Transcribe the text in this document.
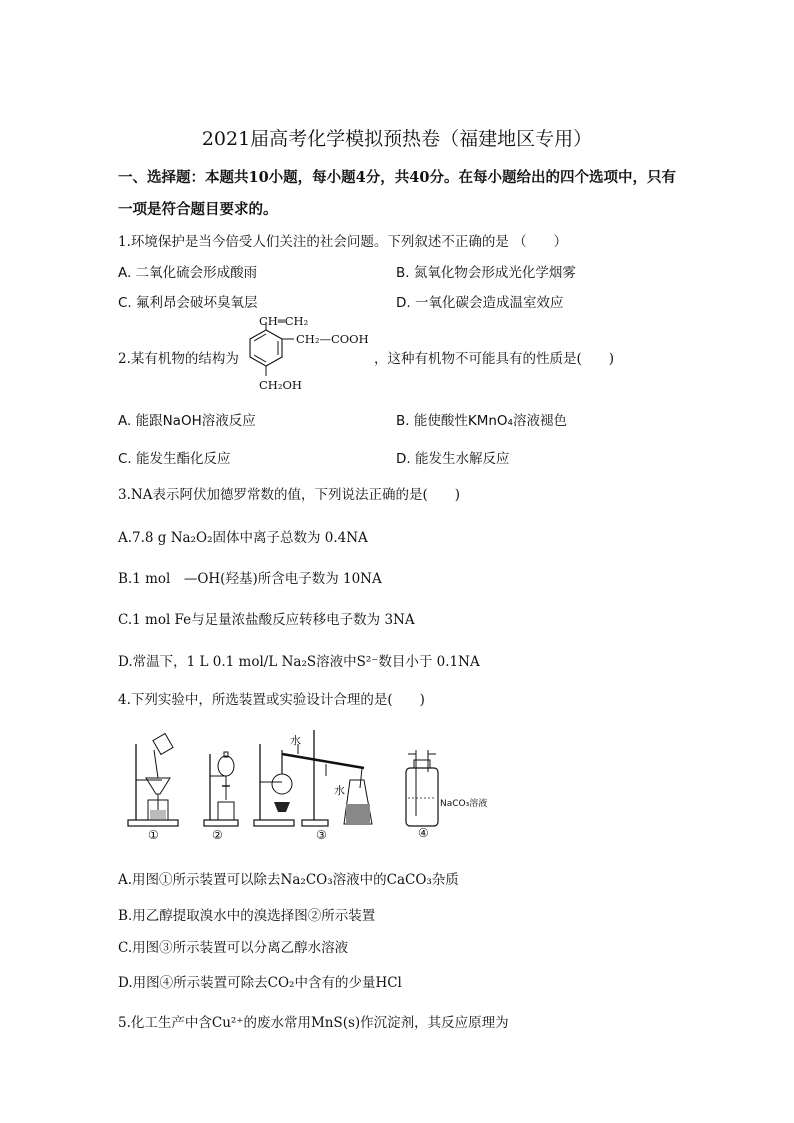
2021届高考化学模拟预热卷（福建地区专用）
一、选择题：本题共10小题，每小题4分，共40分。在每小题给出的四个选项中，只有
一项是符合题目要求的。
1.环境保护是当今倍受人们关注的社会问题。下列叙述不正确的是 （　　）
A. 二氧化硫会形成酸雨	B. 氮氧化物会形成光化学烟雾
C. 氟利昂会破坏臭氧层	D. 一氧化碳会造成温室效应
2.某有机物的结构为
CH═CH₂
CH₂—COOH
CH₂OH
，这种有机物不可能具有的性质是(　　)
A. 能跟NaOH溶液反应	B. 能使酸性KMnO₄溶液褪色
C. 能发生酯化反应	D. 能发生水解反应
3.NA表示阿伏加德罗常数的值，下列说法正确的是(　　)
A.7.8 g Na₂O₂固体中离子总数为 0.4NA
B.1 mol　—OH(羟基)所含电子数为 10NA
C.1 mol Fe与足量浓盐酸反应转移电子数为 3NA
D.常温下，1 L 0.1 mol/L Na₂S溶液中S²⁻数目小于 0.1NA
4.下列实验中，所选装置或实验设计合理的是(　　)
水
水
NaCO₃溶液
①	②	③	④
A.用图①所示装置可以除去Na₂CO₃溶液中的CaCO₃杂质
B.用乙醇提取溴水中的溴选择图②所示装置
C.用图③所示装置可以分离乙醇水溶液
D.用图④所示装置可除去CO₂中含有的少量HCl
5.化工生产中含Cu²⁺的废水常用MnS(s)作沉淀剂，其反应原理为
